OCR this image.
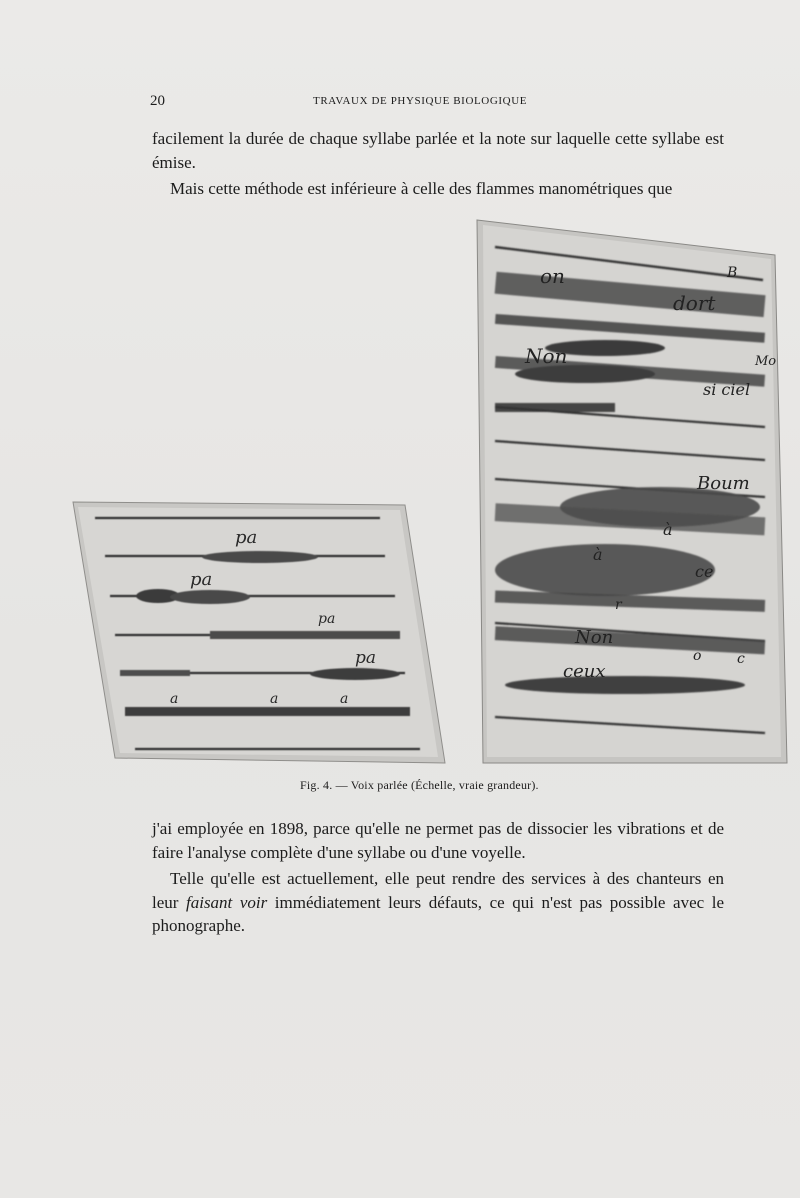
20	TRAVAUX DE PHYSIQUE BIOLOGIQUE

facilement la durée de chaque syllabe parlée et la note sur laquelle cette syllabe est émise.

Mais cette méthode est inférieure à celle des flammes manométriques que

pa
pa
pa
pa
a	a	a
on
dort
B
Non	Mo
si ciel
Boum
à
à
ce
r
Non
o	c
ceux
Fig. 4. — Voix parlée (Échelle, vraie grandeur).

j'ai employée en 1898, parce qu'elle ne permet pas de dissocier les vibrations et de faire l'analyse complète d'une syllabe ou d'une voyelle.

Telle qu'elle est actuellement, elle peut rendre des services à des chanteurs en leur faisant voir immédiatement leurs défauts, ce qui n'est pas possible avec le phonographe.
